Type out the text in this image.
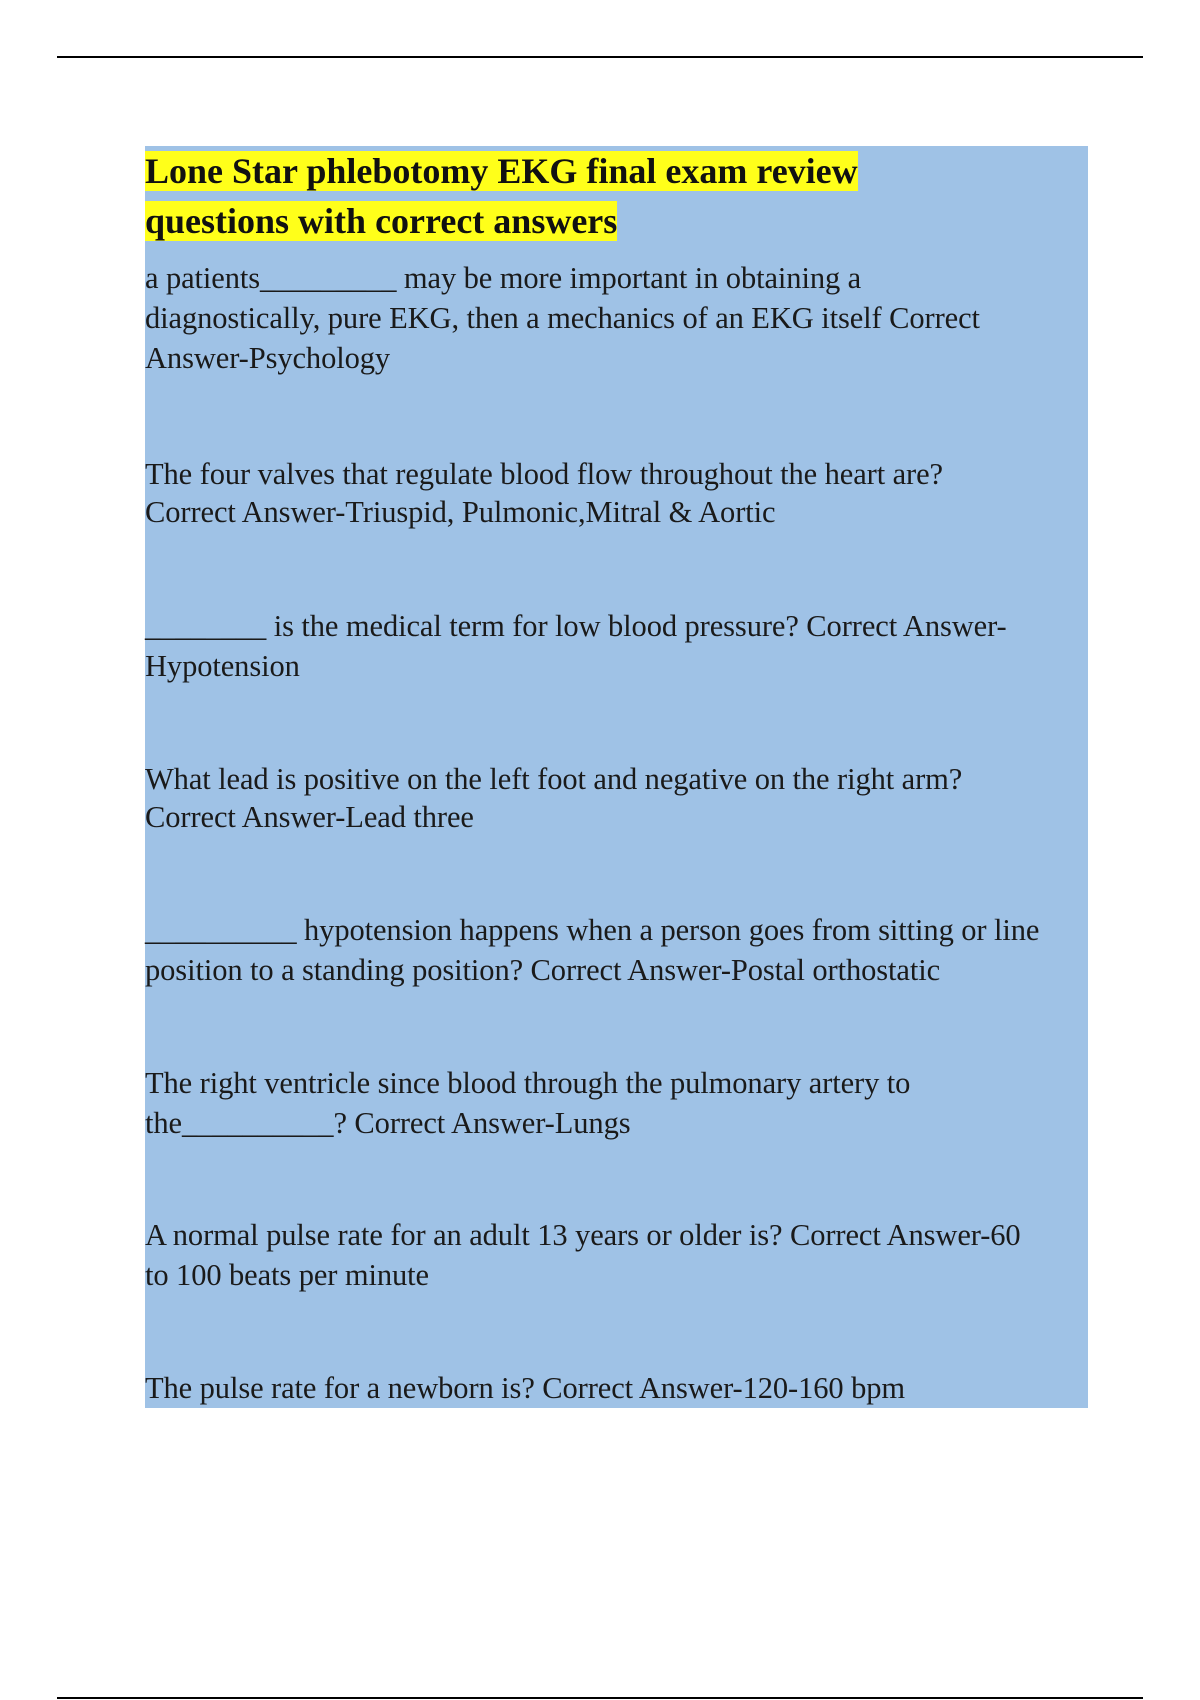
Lone Star phlebotomy EKG final exam review
questions with correct answers

a patients_________ may be more important in obtaining a
diagnostically, pure EKG, then a mechanics of an EKG itself Correct
Answer-Psychology

The four valves that regulate blood flow throughout the heart are?
Correct Answer-Triuspid, Pulmonic,Mitral & Aortic

________ is the medical term for low blood pressure? Correct Answer-
Hypotension

What lead is positive on the left foot and negative on the right arm?
Correct Answer-Lead three

__________ hypotension happens when a person goes from sitting or line
position to a standing position? Correct Answer-Postal orthostatic

The right ventricle since blood through the pulmonary artery to
the__________? Correct Answer-Lungs

A normal pulse rate for an adult 13 years or older is? Correct Answer-60
to 100 beats per minute

The pulse rate for a newborn is? Correct Answer-120-160 bpm
